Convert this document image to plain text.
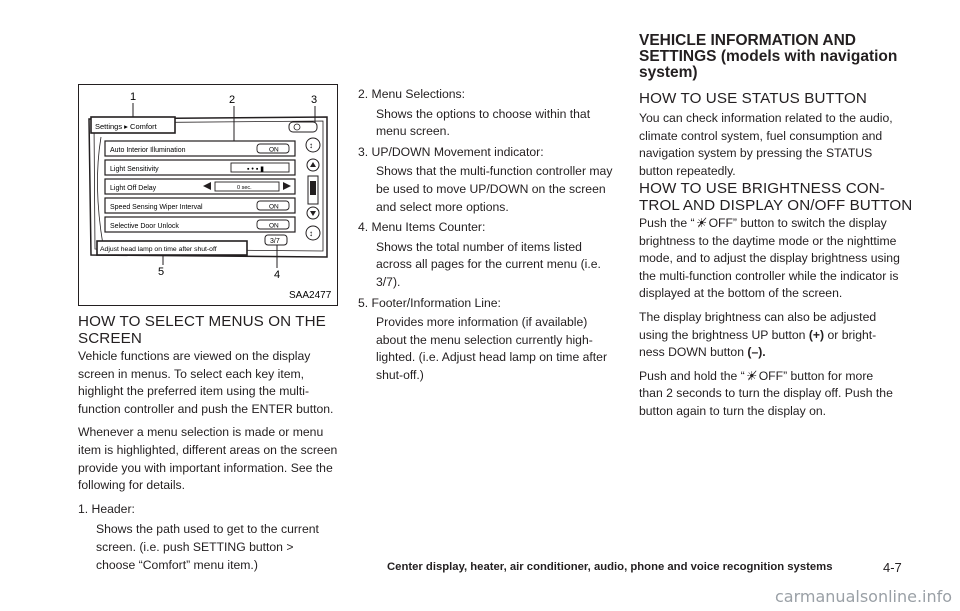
1	2	3
5	4
Settings ▸ Comfort
Auto Interior Illumination	ON
Light Sensitivity	▪ • ▪ ▮
Light Off Delay	0 sec.
Speed Sensing Wiper Interval	ON
Selective Door Unlock	ON
3/7
Adjust head lamp on time after shut-off
↕
↕
SAA2477
HOW TO SELECT MENUS ON THE
SCREEN

Vehicle functions are viewed on the display
screen in menus. To select each key item,
highlight the preferred item using the multi-
function controller and push the ENTER button.

Whenever a menu selection is made or menu
item is highlighted, different areas on the screen
provide you with important information. See the
following for details.

1. Header:

Shows the path used to get to the current
screen. (i.e. push SETTING button >
choose “Comfort” menu item.)

2. Menu Selections:

Shows the options to choose within that
menu screen.

3. UP/DOWN Movement indicator:

Shows that the multi-function controller may
be used to move UP/DOWN on the screen
and select more options.

4. Menu Items Counter:

Shows the total number of items listed
across all pages for the current menu (i.e.
3/7).

5. Footer/Information Line:

Provides more information (if available)
about the menu selection currently high-
lighted. (i.e. Adjust head lamp on time after
shut-off.)

VEHICLE INFORMATION AND
SETTINGS (models with navigation
system)
HOW TO USE STATUS BUTTON
You can check information related to the audio,
climate control system, fuel consumption and
navigation system by pressing the STATUS
button repeatedly.
HOW TO USE BRIGHTNESS CON-
TROL AND DISPLAY ON/OFF BUTTON

Push the “ ☀̸ OFF” button to switch the display
brightness to the daytime mode or the nighttime
mode, and to adjust the display brightness using
the multi-function controller while the indicator is
displayed at the bottom of the screen.

The display brightness can also be adjusted
using the brightness UP button (+) or bright-
ness DOWN button (–).

Push and hold the “ ☀̸ OFF” button for more
than 2 seconds to turn the display off. Push the
button again to turn the display on.

Center display, heater, air conditioner, audio, phone and voice recognition systems	4-7
carmanualsonline.info
